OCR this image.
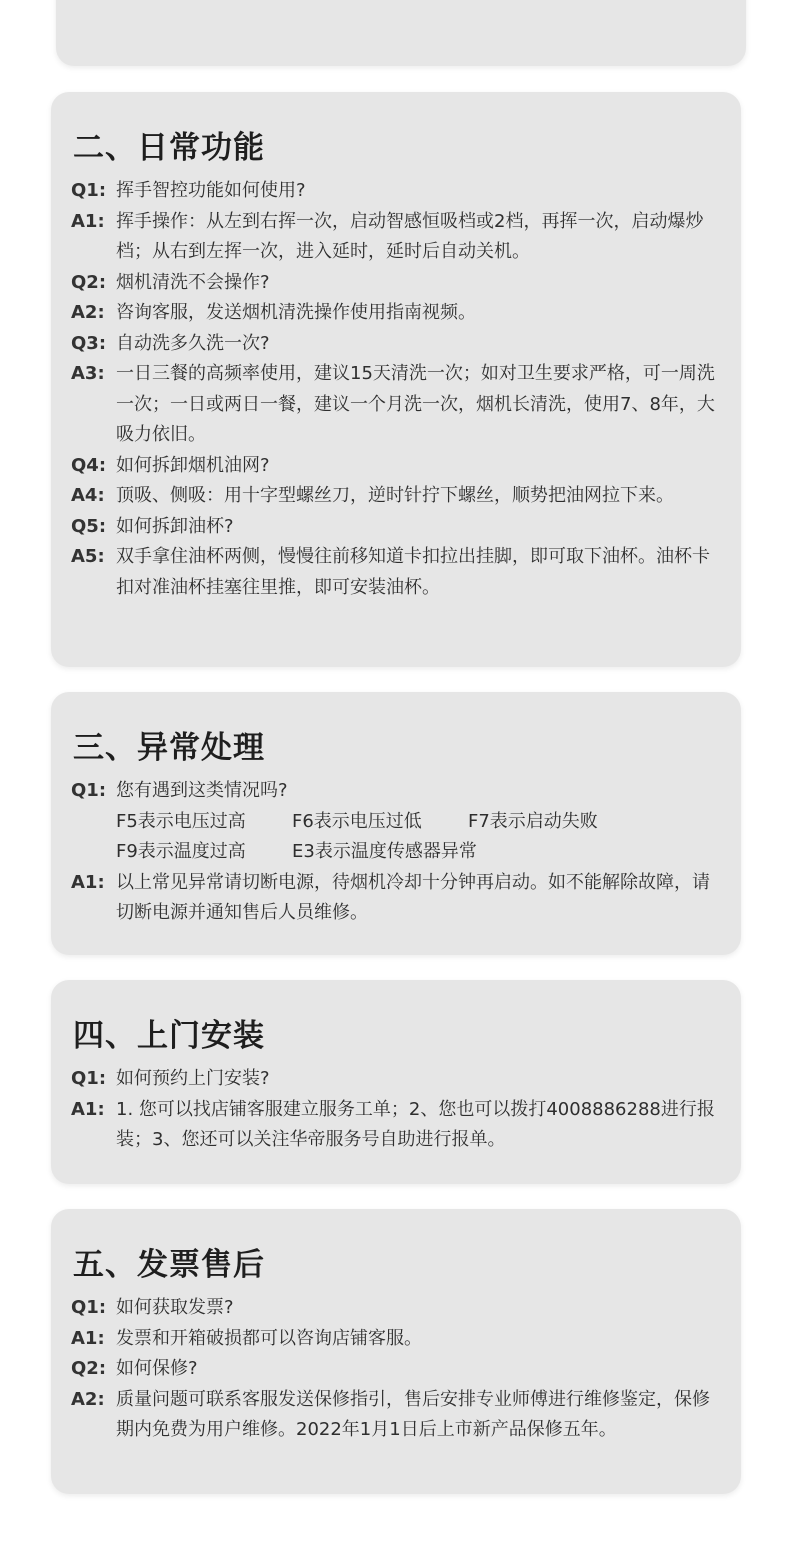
二、日常功能
Q1: 挥手智控功能如何使用?
A1: 挥手操作：从左到右挥一次，启动智感恒吸档或2档，再挥一次，启动爆炒档；从右到左挥一次，进入延时，延时后自动关机。
Q2: 烟机清洗不会操作?
A2: 咨询客服，发送烟机清洗操作使用指南视频。
Q3: 自动洗多久洗一次?
A3: 一日三餐的高频率使用，建议15天清洗一次；如对卫生要求严格，可一周洗一次；一日或两日一餐，建议一个月洗一次，烟机长清洗，使用7、8年，大吸力依旧。
Q4: 如何拆卸烟机油网?
A4: 顶吸、侧吸：用十字型螺丝刀，逆时针拧下螺丝，顺势把油网拉下来。
Q5: 如何拆卸油杯?
A5: 双手拿住油杯两侧，慢慢往前移知道卡扣拉出挂脚，即可取下油杯。油杯卡扣对准油杯挂塞往里推，即可安装油杯。
三、异常处理
Q1: 您有遇到这类情况吗?
F5表示电压过高	F6表示电压过低	F7表示启动失败
F9表示温度过高	E3表示温度传感器异常
A1: 以上常见异常请切断电源，待烟机冷却十分钟再启动。如不能解除故障，请切断电源并通知售后人员维修。
四、上门安装
Q1: 如何预约上门安装?
A1: 1. 您可以找店铺客服建立服务工单；2、您也可以拨打4008886288进行报装；3、您还可以关注华帝服务号自助进行报单。
五、发票售后
Q1: 如何获取发票?
A1: 发票和开箱破损都可以咨询店铺客服。
Q2: 如何保修?
A2: 质量问题可联系客服发送保修指引，售后安排专业师傅进行维修鉴定，保修期内免费为用户维修。2022年1月1日后上市新产品保修五年。
